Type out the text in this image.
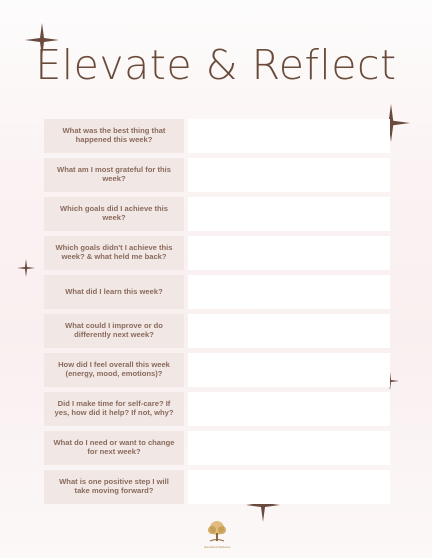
Elevate & Reflect
What was the best thing that happened this week?
What am I most grateful for this week?
Which goals did I achieve this week?
Which goals didn't I achieve this week? & what held me back?
What did I learn this week?
What could I improve or do differently next week?
How did I feel overall this week (energy, mood, emotions)?
Did I make time for self-care? If yes, how did it help? If not, why?
What do I need or want to change for next week?
What is one positive step I will take moving forward?
Nourished Wellness
